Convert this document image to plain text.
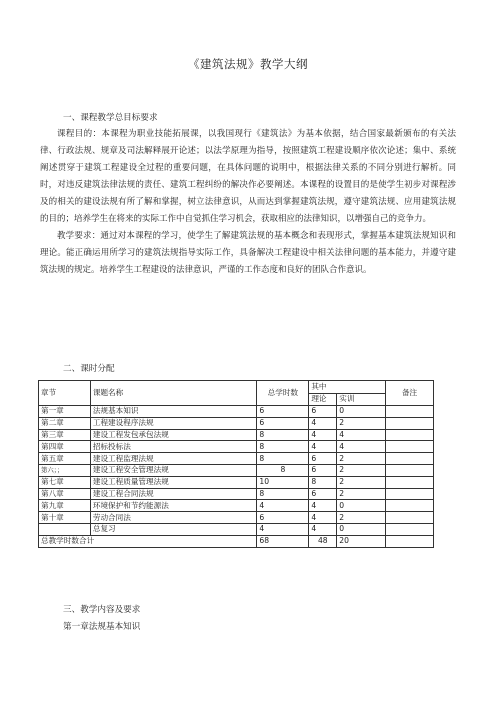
《建筑法规》教学大纲
一、课程教学总目标要求

课程目的：本课程为职业技能拓展课，以我国现行《建筑法》为基本依据，结合国家最新颁布的有关法律、行政法规、规章及司法解释展开论述；以法学原理为指导，按照建筑工程建设顺序依次论述；集中、系统阐述贯穿于建筑工程建设全过程的重要问题，在具体问题的说明中，根据法律关系的不同分别进行解析。同时，对违反建筑法律法规的责任、建筑工程纠纷的解决作必要阐述。本课程的设置目的是使学生初步对课程涉及的相关的建设法规有所了解和掌握，树立法律意识，从而达到掌握建筑法规，遵守建筑法规、应用建筑法规的目的；培养学生在将来的实际工作中自觉抓住学习机会，获取相应的法律知识，以增强自己的竞争力。

教学要求：通过对本课程的学习，使学生了解建筑法规的基本概念和表现形式，掌握基本建筑法规知识和理论。能正确运用所学习的建筑法规指导实际工作，具备解决工程建设中相关法律问题的基本能力，并遵守建筑法规的规定。培养学生工程建设的法律意识，严谨的工作态度和良好的团队合作意识。

二、课时分配
章节	课题名称	总学时数	其中		备注
			理论	实训	
第一章	法规基本知识	6	6	0	
第二章	工程建设程序法规	6	4	2	
第三章	建设工程发包承包法规	8	4	4	
第四章	招标投标法	8	4	4	
第五章	建设工程监理法规	8	6	2	
第六；；	建设工程安全管理法规	8	6	2	
第七章	建设工程质量管理法规	10	8	2	
第八章	建设工程合同法规	8	6	2	
第九章	环境保护和节约能源法	4	4	0	
第十章	劳动合同法	6	4	2	
	总复习	4	4	0	
总教学时数合计		68	48	20	
三、教学内容及要求
第一章法规基本知识
